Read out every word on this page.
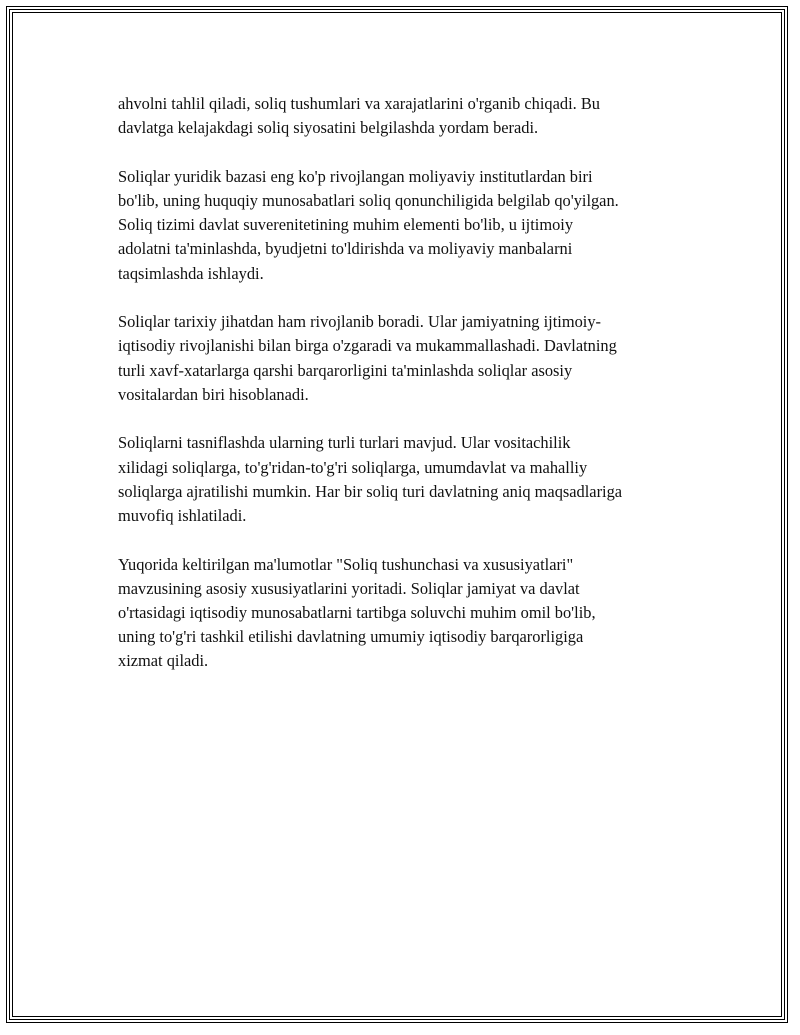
ahvolni tahlil qiladi, soliq tushumlari va xarajatlarini o'rganib chiqadi. Bu
davlatga kelajakdagi soliq siyosatini belgilashda yordam beradi.

Soliqlar yuridik bazasi eng ko'p rivojlangan moliyaviy institutlardan biri
bo'lib, uning huquqiy munosabatlari soliq qonunchiligida belgilab qo'yilgan.
Soliq tizimi davlat suverenitetining muhim elementi bo'lib, u ijtimoiy
adolatni ta'minlashda, byudjetni to'ldirishda va moliyaviy manbalarni
taqsimlashda ishlaydi.

Soliqlar tarixiy jihatdan ham rivojlanib boradi. Ular jamiyatning ijtimoiy-
iqtisodiy rivojlanishi bilan birga o'zgaradi va mukammallashadi. Davlatning
turli xavf-xatarlarga qarshi barqarorligini ta'minlashda soliqlar asosiy
vositalardan biri hisoblanadi.

Soliqlarni tasniflashda ularning turli turlari mavjud. Ular vositachilik
xilidagi soliqlarga, to'g'ridan-to'g'ri soliqlarga, umumdavlat va mahalliy
soliqlarga ajratilishi mumkin. Har bir soliq turi davlatning aniq maqsadlariga
muvofiq ishlatiladi.

Yuqorida keltirilgan ma'lumotlar "Soliq tushunchasi va xususiyatlari"
mavzusining asosiy xususiyatlarini yoritadi. Soliqlar jamiyat va davlat
o'rtasidagi iqtisodiy munosabatlarni tartibga soluvchi muhim omil bo'lib,
uning to'g'ri tashkil etilishi davlatning umumiy iqtisodiy barqarorligiga
xizmat qiladi.
